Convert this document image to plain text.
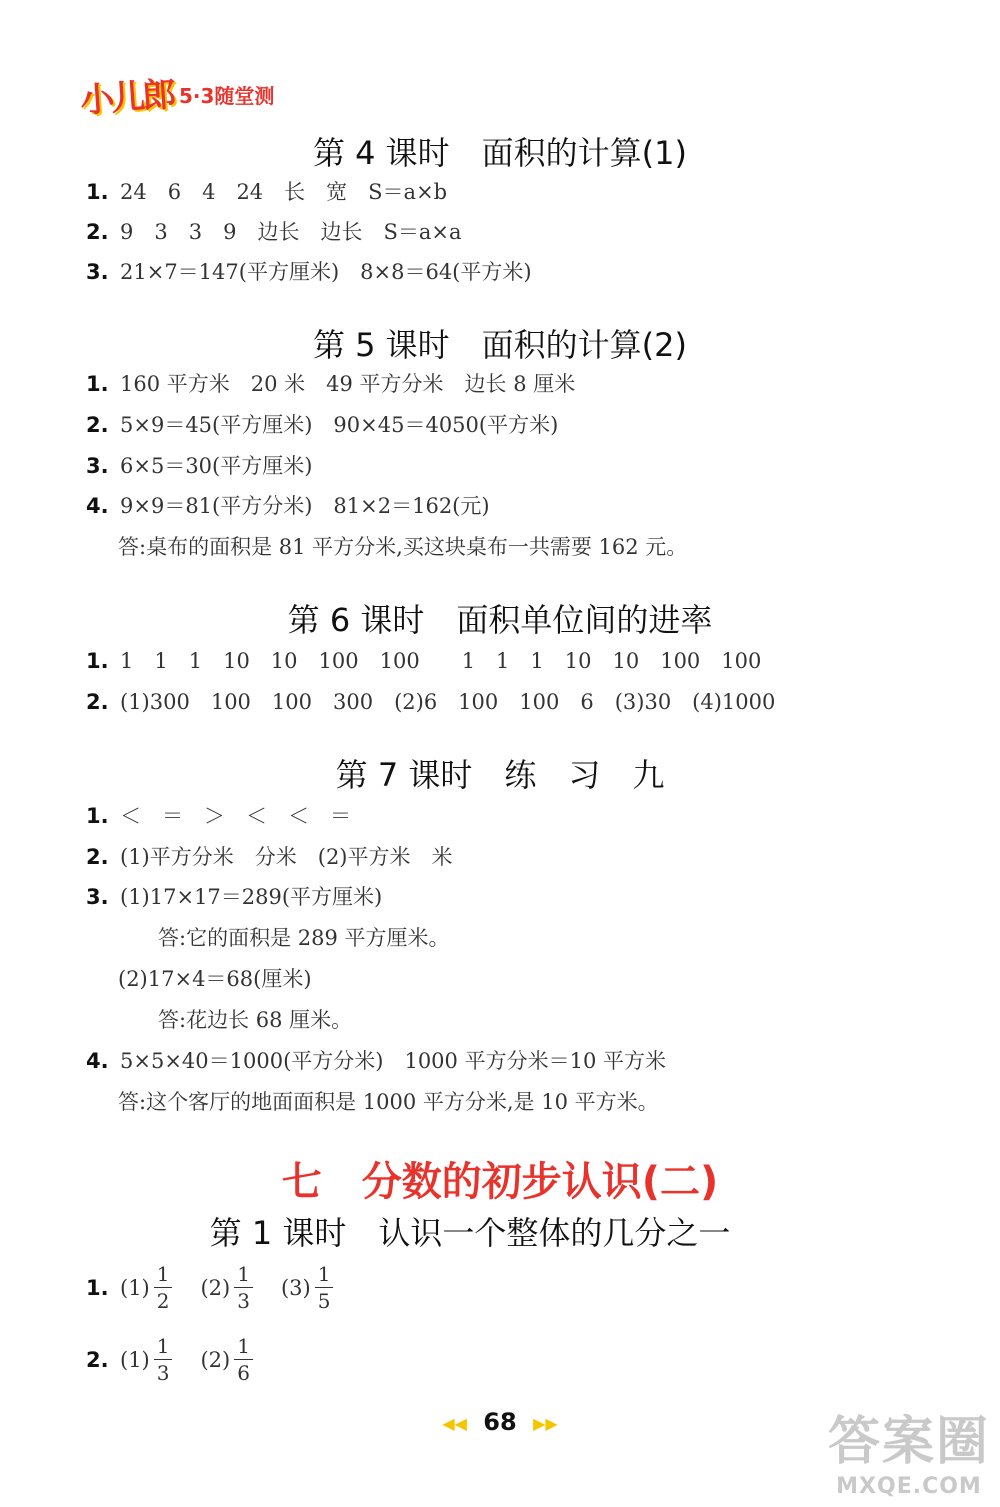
小儿郎 5·3随堂测
第 4 课时　面积的计算(1)
1. 24　6　4　24　长　宽　S＝a×b
2. 9　3　3　9　边长　边长　S＝a×a
3. 21×7＝147(平方厘米)　8×8＝64(平方米)
第 5 课时　面积的计算(2)
1. 160 平方米　20 米　49 平方分米　边长 8 厘米
2. 5×9＝45(平方厘米)　90×45＝4050(平方米)
3. 6×5＝30(平方厘米)
4. 9×9＝81(平方分米)　81×2＝162(元)
答:桌布的面积是 81 平方分米,买这块桌布一共需要 162 元。
第 6 课时　面积单位间的进率
1. 1　1　1　10　10　100　100　　1　1　1　10　10　100　100
2. (1)300　100　100　300　(2)6　100　100　6　(3)30　(4)1000
第 7 课时　练　习　九
1. ＜　＝　＞　＜　＜　＝
2. (1)平方分米　分米　(2)平方米　米
3. (1)17×17＝289(平方厘米)
答:它的面积是 289 平方厘米。
(2)17×4＝68(厘米)
答:花边长 68 厘米。
4. 5×5×40＝1000(平方分米)　1000 平方分米＝10 平方米
答:这个客厅的地面面积是 1000 平方分米,是 10 平方米。
七　分数的初步认识(二)
第 1 课时　认识一个整体的几分之一
1. $(1) \frac{1}{2} (2) \frac{1}{3} (3) \frac{1}{5}$
2. $(1) \frac{1}{3} (2) \frac{1}{6}$
◀◀ 68 ▶▶	答案圈
MXQE.COM
